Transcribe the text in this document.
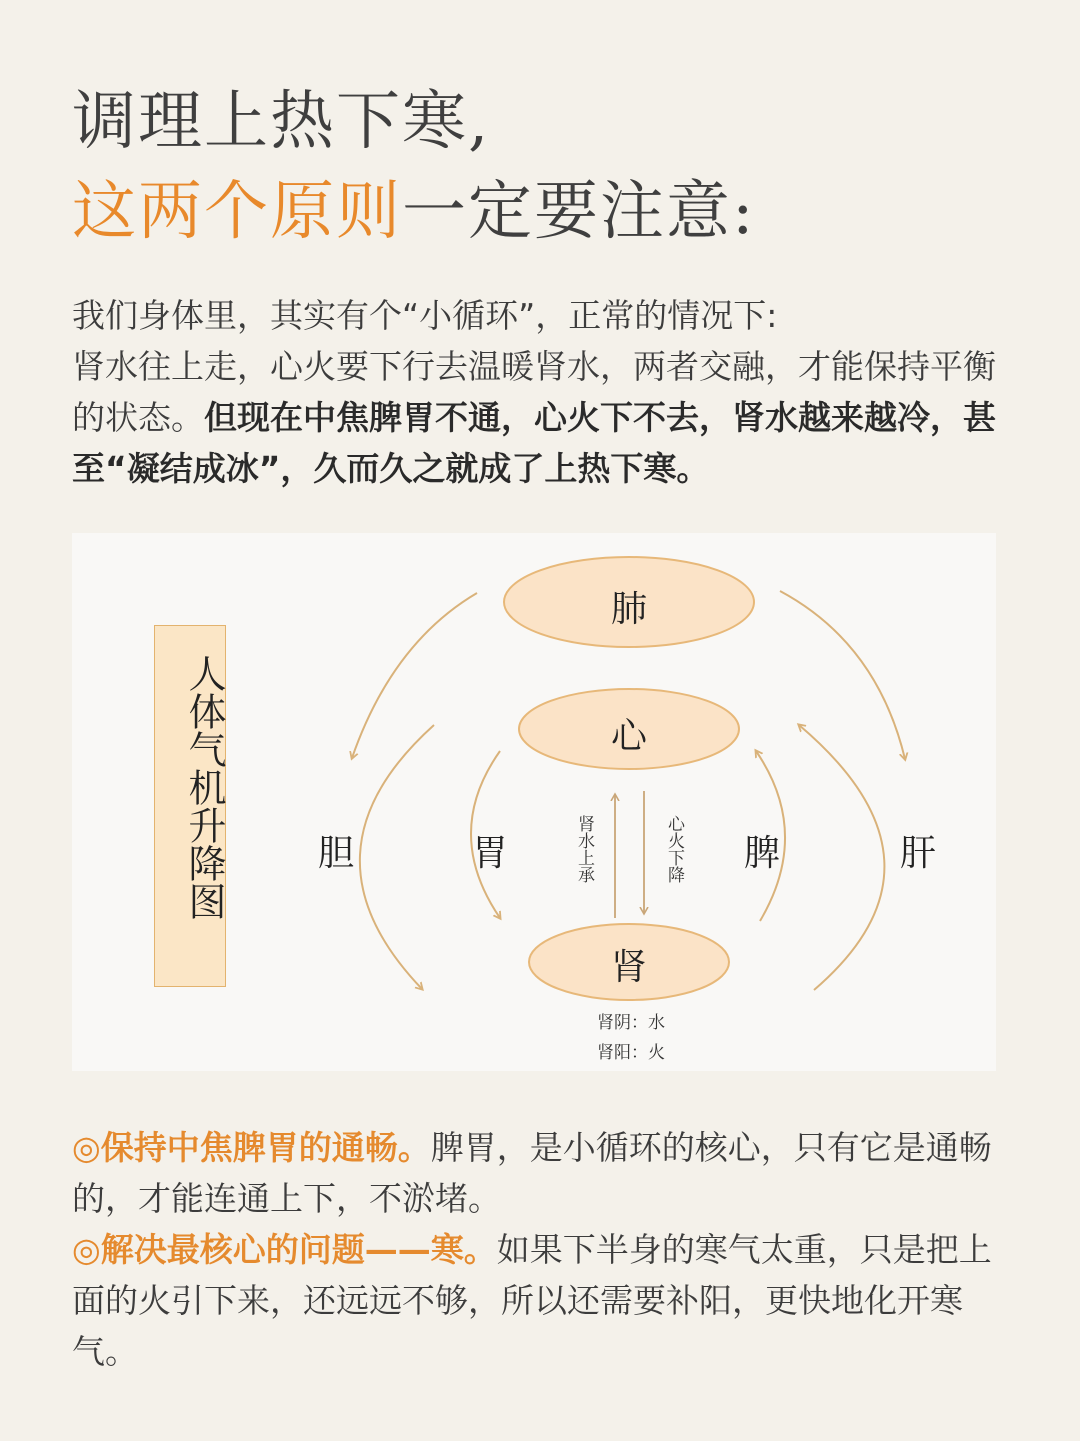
调理上热下寒,
这两个原则一定要注意:
我们身体里，其实有个“小循环”，正常的情况下:
肾水往上走，心火要下行去温暖肾水，两者交融，才能保持平衡的状态。但现在中焦脾胃不通，心火下不去，肾水越来越冷，甚至“凝结成冰”，久而久之就成了上热下寒。
人体气机升降图
肺
心
肾
胆	胃	脾	肝
肾水上承	心火下降
肾阴：水
肾阳：火
◎保持中焦脾胃的通畅。脾胃，是小循环的核心，只有它是通畅的，才能连通上下，不淤堵。
◎解决最核心的问题——寒。如果下半身的寒气太重，只是把上面的火引下来，还远远不够，所以还需要补阳，更快地化开寒气。
